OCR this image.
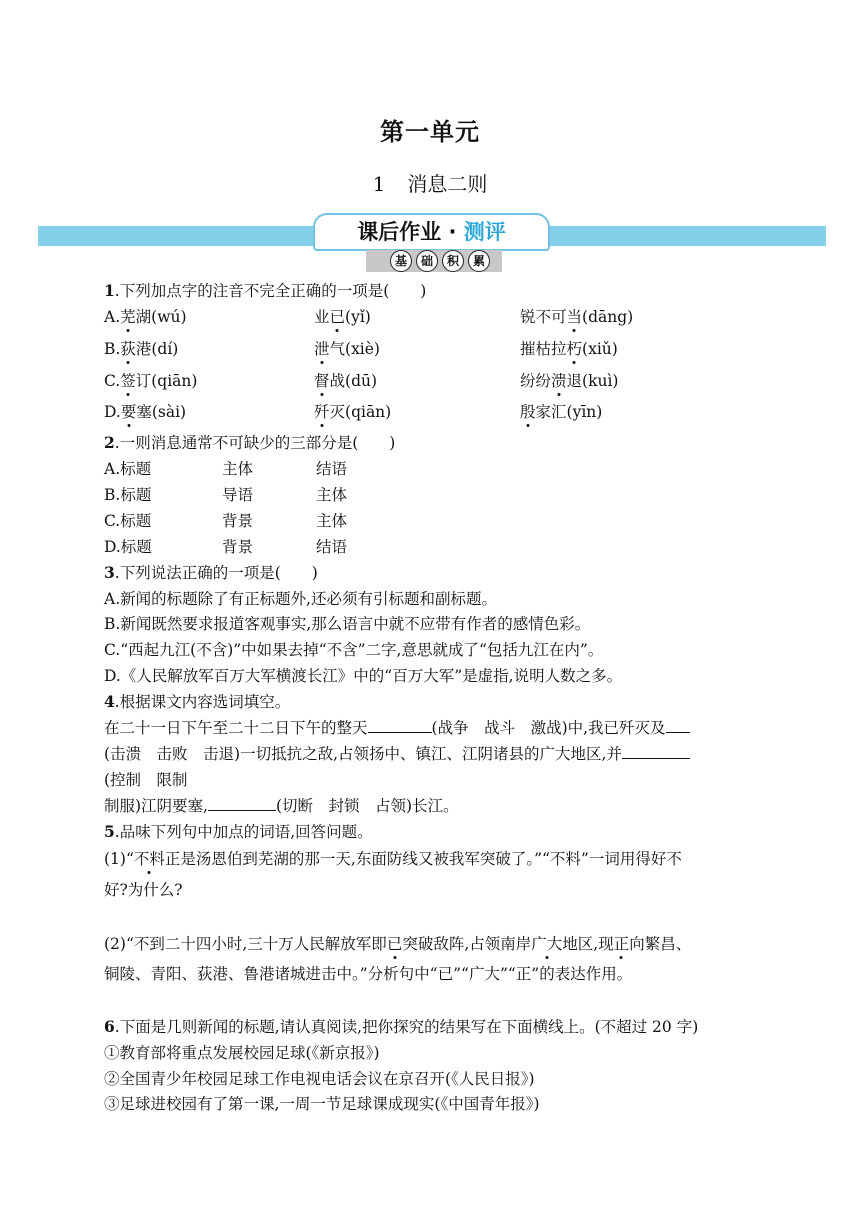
第一单元
1 消息二则
课后作业 · 测评
基 础 积 累
1.下列加点字的注音不完全正确的一项是(　　)
A.芜湖(wú)	业已(yǐ)	锐不可当(dāng)
B.荻港(dí)	泄气(xiè)	摧枯拉朽(xiǔ)
C.签订(qiān)	督战(dū)	纷纷溃退(kuì)
D.要塞(sài)	歼灭(qiān)	殷家汇(yīn)
2.一则消息通常不可缺少的三部分是(　　)
A.标题	主体	结语
B.标题	导语	主体
C.标题	背景	主体
D.标题	背景	结语
3.下列说法正确的一项是(　　)
A.新闻的标题除了有正标题外,还必须有引标题和副标题。
B.新闻既然要求报道客观事实,那么语言中就不应带有作者的感情色彩。
C.“西起九江(不含)”中如果去掉“不含”二字,意思就成了“包括九江在内”。
D.《人民解放军百万大军横渡长江》中的“百万大军”是虚指,说明人数之多。
4.根据课文内容选词填空。
在二十一日下午至二十二日下午的整天	(战争　战斗　激战)中,我已歼灭及
(击溃　击败　击退)一切抵抗之敌,占领扬中、镇江、江阴诸县的广大地区,并
(控制　限制
制服)江阴要塞,	(切断　封锁　占领)长江。
5.品味下列句中加点的词语,回答问题。
(1)“不料正是汤恩伯到芜湖的那一天,东面防线又被我军突破了。”“不料”一词用得好不
好?为什么?
(2)“不到二十四小时,三十万人民解放军即已突破敌阵,占领南岸广大地区,现正向繁昌、
铜陵、青阳、荻港、鲁港诸城进击中。”分析句中“已”“广大”“正”的表达作用。
6.下面是几则新闻的标题,请认真阅读,把你探究的结果写在下面横线上。(不超过 20 字)
①教育部将重点发展校园足球(《新京报》)
②全国青少年校园足球工作电视电话会议在京召开(《人民日报》)
③足球进校园有了第一课,一周一节足球课成现实(《中国青年报》)
